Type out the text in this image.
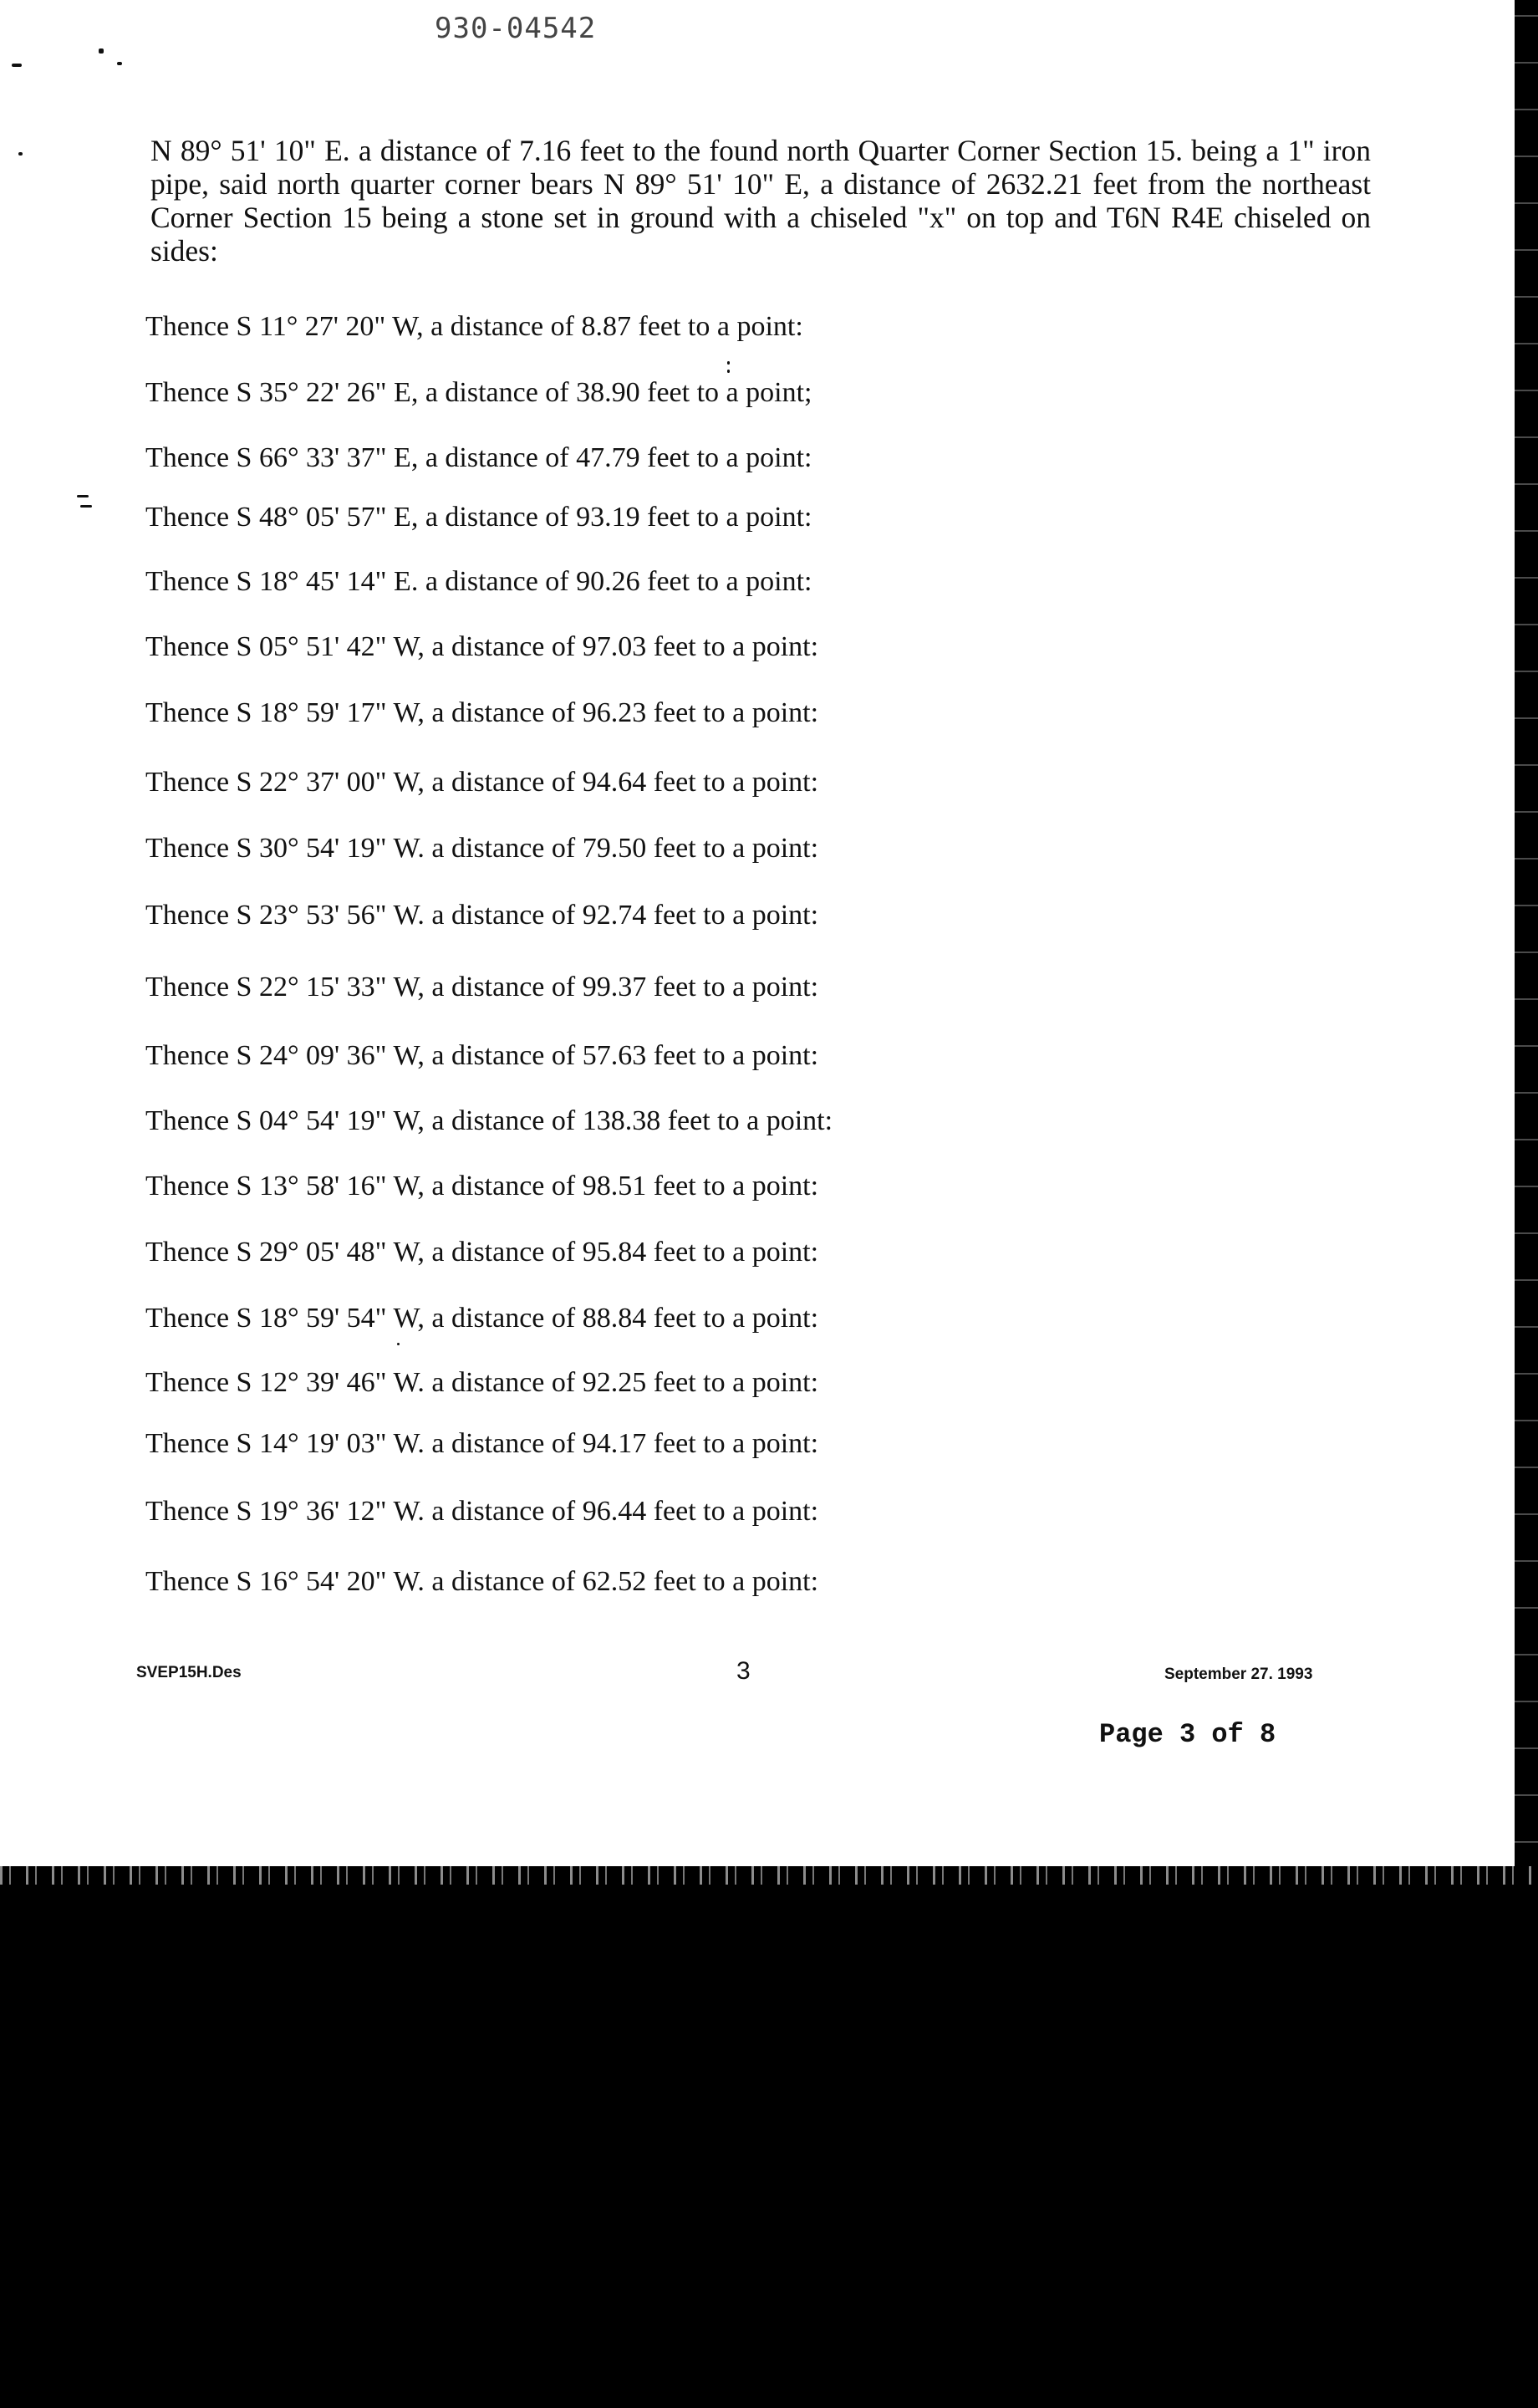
930-04542
N 89° 51' 10" E. a distance of 7.16 feet to the found north Quarter Corner Section 15. being a 1" iron pipe, said north quarter corner bears N 89° 51' 10" E, a distance of 2632.21 feet from the northeast Corner Section 15 being a stone set in ground with a chiseled "x" on top and T6N R4E chiseled on sides:
Thence S 11° 27' 20" W, a distance of 8.87 feet to a point:
Thence S 35° 22' 26" E, a distance of 38.90 feet to a point;
Thence S 66° 33' 37" E, a distance of 47.79 feet to a point:
Thence S 48° 05' 57" E, a distance of 93.19 feet to a point:
Thence S 18° 45' 14" E. a distance of 90.26 feet to a point:
Thence S 05° 51' 42" W, a distance of 97.03 feet to a point:
Thence S 18° 59' 17" W, a distance of 96.23 feet to a point:
Thence S 22° 37' 00" W, a distance of 94.64 feet to a point:
Thence S 30° 54' 19" W. a distance of 79.50 feet to a point:
Thence S 23° 53' 56" W. a distance of 92.74 feet to a point:
Thence S 22° 15' 33" W, a distance of 99.37 feet to a point:
Thence S 24° 09' 36" W, a distance of 57.63 feet to a point:
Thence S 04° 54' 19" W, a distance of 138.38 feet to a point:
Thence S 13° 58' 16" W, a distance of 98.51 feet to a point:
Thence S 29° 05' 48" W, a distance of 95.84 feet to a point:
Thence S 18° 59' 54" W, a distance of 88.84 feet to a point:
Thence S 12° 39' 46" W. a distance of 92.25 feet to a point:
Thence S 14° 19' 03" W. a distance of 94.17 feet to a point:
Thence S 19° 36' 12" W. a distance of 96.44 feet to a point:
Thence S 16° 54' 20" W. a distance of 62.52 feet to a point:
SVEP15H.Des	3	September 27. 1993
Page 3 of 8
